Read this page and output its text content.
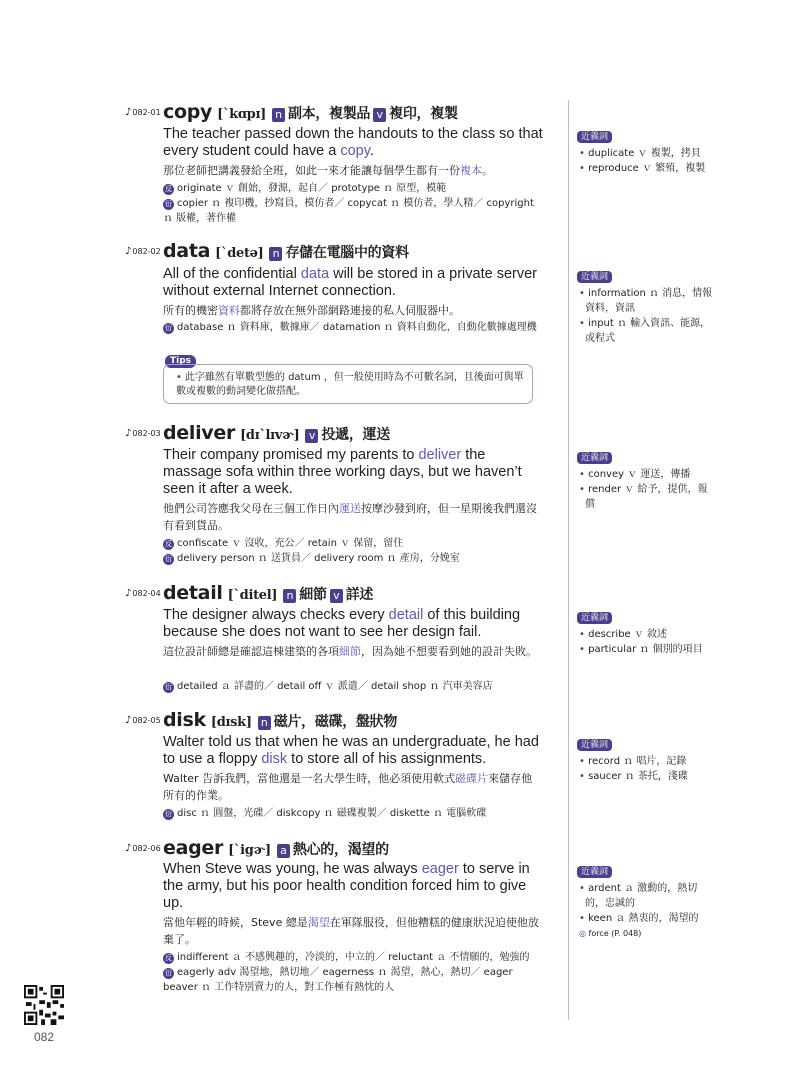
♪082-01 copy [ˋkɑpɪ] n 副本，複製品 v 複印，複製
The teacher passed down the handouts to the class so that every student could have a copy.
那位老師把講義發給全班，如此一來才能讓每個學生都有一份複本。
反 originate ｖ 創始，發源，起自／ prototype ｎ 原型，模範
衍 copier ｎ 複印機，抄寫員，模仿者／ copycat ｎ 模仿者，學人精／ copyright ｎ 版權，著作權
近義詞
• duplicate ｖ 複製，拷貝
• reproduce ｖ 繁殖，複製
♪082-02 data [ˋdetə] n 存儲在電腦中的資料
All of the confidential data will be stored in a private server without external Internet connection.
所有的機密資料都將存放在無外部網路連接的私人伺服器中。
衍 database ｎ 資料庫，數據庫／ datamation ｎ 資料自動化，自動化數據處理機
Tips
• 此字雖然有單數型態的 datum ，但一般使用時為不可數名詞，且後面可與單數或複數的動詞變化做搭配。
近義詞
• information ｎ 消息，情報資料，資訊
• input ｎ 輸入資訊、能源，或程式
♪082-03 deliver [dɪˋlɪvɚ] v 投遞，運送
Their company promised my parents to deliver the massage sofa within three working days, but we haven’t seen it after a week.
他們公司答應我父母在三個工作日內運送按摩沙發到府，但一星期後我們還沒有看到貨品。
反 confiscate ｖ 沒收，充公／ retain ｖ 保留，留住
衍 delivery person ｎ 送貨員／ delivery room ｎ 產房，分娩室
近義詞
• convey ｖ 運送，傳播
• render ｖ 給予，提供，報償
♪082-04 detail [ˋditel] n 細節 v 詳述
The designer always checks every detail of this building because she does not want to see her design fail.
這位設計師總是確認這棟建築的各項細節，因為她不想要看到她的設計失敗。
衍 detailed ａ 詳盡的／ detail off ｖ 派遣／ detail shop ｎ 汽車美容店
近義詞
• describe ｖ 敘述
• particular ｎ 個別的項目
♪082-05 disk [dɪsk] n 磁片，磁碟，盤狀物
Walter told us that when he was an undergraduate, he had to use a floppy disk to store all of his assignments.
Walter 告訴我們，當他還是一名大學生時，他必須使用軟式磁碟片來儲存他所有的作業。
衍 disc ｎ 圓盤，光碟／ diskcopy ｎ 磁碟複製／ diskette ｎ 電腦軟碟
近義詞
• record ｎ 唱片，記錄
• saucer ｎ 茶托，淺碟
♪082-06 eager [ˋigɚ] a 熱心的，渴望的
When Steve was young, he was always eager to serve in the army, but his poor health condition forced him to give up.
當他年輕的時候，Steve 總是渴望在軍隊服役，但他糟糕的健康狀況迫使他放棄了。
反 indifferent ａ 不感興趣的，冷淡的，中立的／ reluctant ａ 不情願的，勉強的
衍 eagerly adv 渴望地，熱切地／ eagerness ｎ 渴望，熱心，熱切／ eager beaver ｎ 工作特別賣力的人，對工作極有熱忱的人
近義詞
• ardent ａ 激動的，熱切的，忠誠的
• keen ａ 熱衷的，渴望的
◎ force (P. 048)
082
